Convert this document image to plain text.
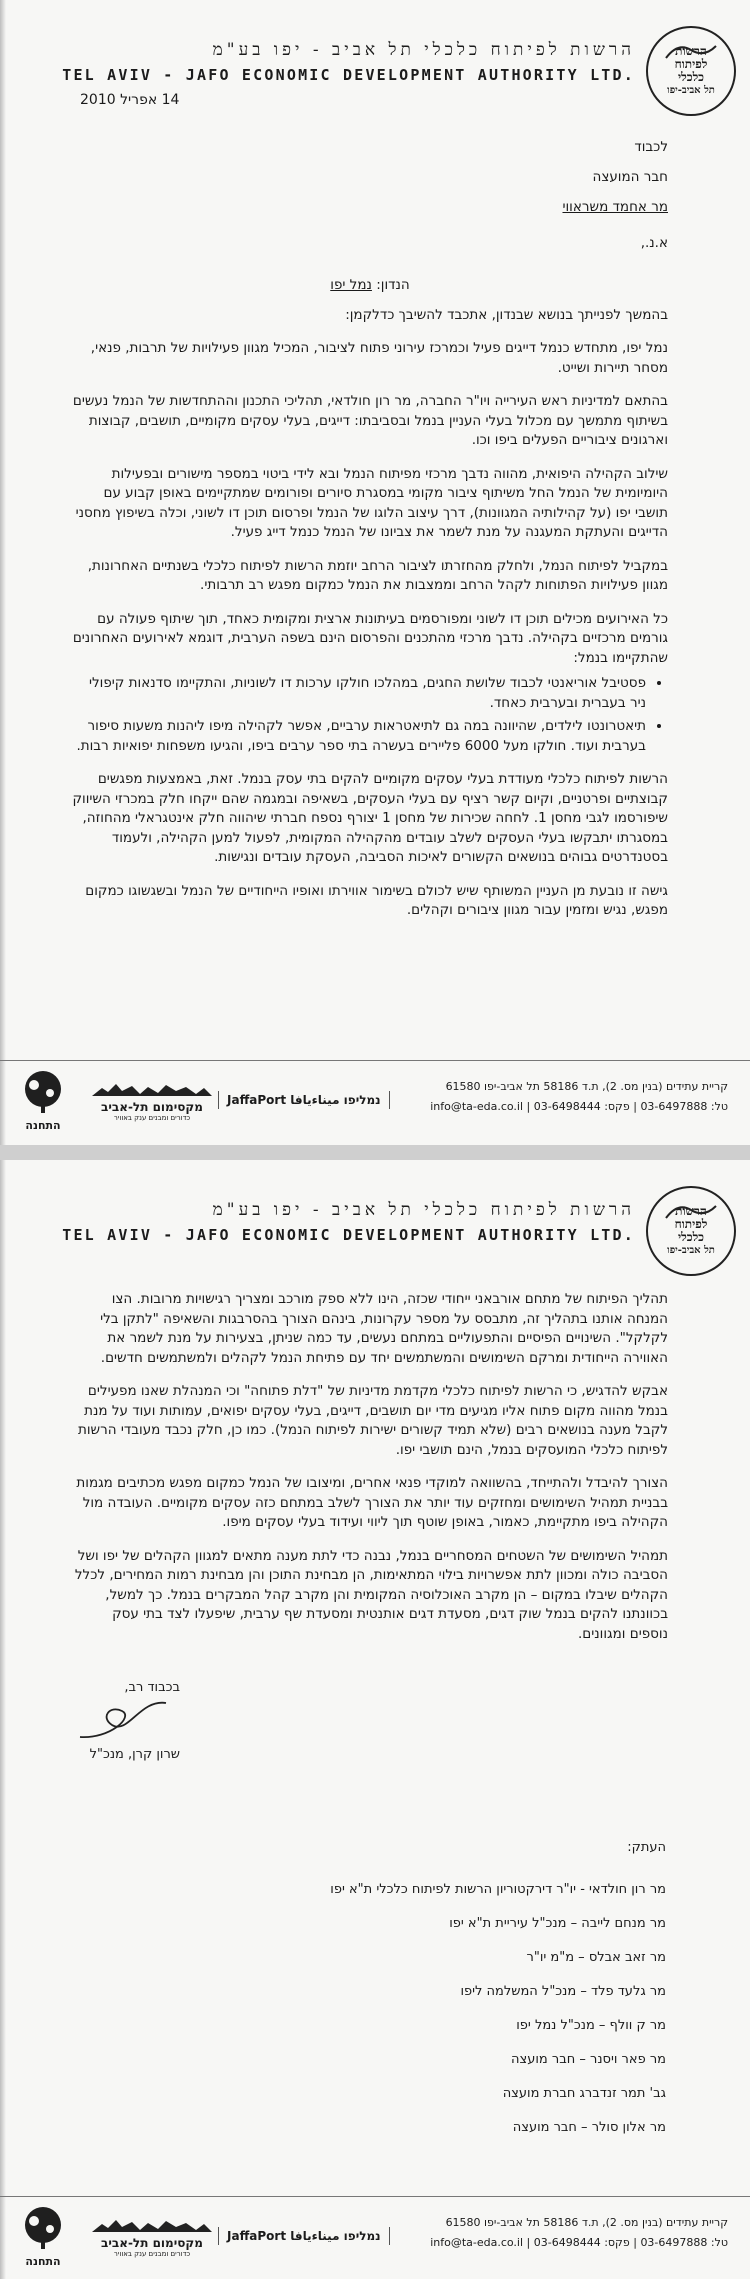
הרשות לפיתוח כלכלי תל אביב - יפו בע"מ
TEL AVIV - JAFO ECONOMIC DEVELOPMENT AUTHORITY LTD.
הרשות
לפיתוח
כלכלי
תל אביב-יפו
14 אפריל 2010
לכבוד
חבר המועצה
מר אחמד משראווי
א.נ.,
הנדון: נמל יפו

בהמשך לפנייתך בנושא שבנדון, אתכבד להשיבך כדלקמן:

נמל יפו, מתחדש כנמל דייגים פעיל וכמרכז עירוני פתוח לציבור, המכיל מגוון פעילויות של תרבות, פנאי, מסחר תיירות ושייט.

בהתאם למדיניות ראש העירייה ויו"ר החברה, מר רון חולדאי, תהליכי התכנון וההתחדשות של הנמל נעשים בשיתוף מתמשך עם מכלול בעלי העניין בנמל ובסביבתו: דייגים, בעלי עסקים מקומיים, תושבים, קבוצות וארגונים ציבוריים הפעלים ביפו וכו.

שילוב הקהילה היפואית, מהווה נדבך מרכזי מפיתוח הנמל ובא לידי ביטוי במספר מישורים ובפעילות היומיומית של הנמל החל משיתוף ציבור מקומי במסגרת סיורים ופורומים שמתקיימים באופן קבוע עם תושבי יפו (על קהילותיה המגוונות), דרך עיצוב הלוגו של הנמל ופרסום תוכן דו לשוני, וכלה בשיפוץ מחסני הדייגים והעתקת המעגנה על מנת לשמר את צביונו של הנמל כנמל דייג פעיל.

במקביל לפיתוח הנמל, ולחלק מהחזרתו לציבור הרחב יוזמת הרשות לפיתוח כלכלי בשנתיים האחרונות, מגוון פעילויות הפתוחות לקהל הרחב וממצבות את הנמל כמקום מפגש רב תרבותי.

כל האירועים מכילים תוכן דו לשוני ומפורסמים בעיתונות ארצית ומקומית כאחד, תוך שיתוף פעולה עם גורמים מרכזיים בקהילה. נדבך מרכזי מהתכנים והפרסום הינם בשפה הערבית, דוגמא לאירועים האחרונים שהתקיימו בנמל:

• פסטיבל אוריאנטי לכבוד שלושת החגים, במהלכו חולקו ערכות דו לשוניות, והתקיימו סדנאות קיפולי ניר בעברית ובערבית כאחד.
• תיאטרונטו לילדים, שהיוונה במה גם לתיאטראות ערביים, אפשר לקהילה מיפו ליהנות משעות סיפור בערבית ועוד. חולקו מעל 6000 פליירים בעשרה בתי ספר ערבים ביפו, והגיעו משפחות יפואיות רבות.

הרשות לפיתוח כלכלי מעודדת בעלי עסקים מקומיים להקים בתי עסק בנמל. זאת, באמצעות מפגשים קבוצתיים ופרטניים, וקיום קשר רציף עם בעלי העסקים, בשאיפה ובמגמה שהם ייקחו חלק במכרזי השיווק שיפורסמו לגבי מחסן 1. לחחה שכירות של מחסן 1 יצורף נספח חברתי שיהווה חלק אינטגראלי מהחוזה, במסגרתו יתבקשו בעלי העסקים לשלב עובדים מהקהילה המקומית, לפעול למען הקהילה, ולעמוד בסטנדרטים גבוהים בנושאים הקשורים לאיכות הסביבה, העסקת עובדים ונגישות.

גישה זו נובעת מן העניין המשותף שיש לכולם בשימור אווירתו ואופיו הייחודיים של הנמל ובשגשוגו כמקום מפגש, נגיש ומזמין עבור מגוון ציבורים וקהלים.

קריית עתידים (בנין מס. 2), ת.ד 58186 תל אביב-יפו 61580
טל: 03-6497888 | פקס: 03-6498444 | info@ta-eda.co.il
JaffaPort נמליפו ميناءيافا
מקסימום תל-אביב
כדורים ומבנים ענק באוויר
התחנה
הרשות לפיתוח כלכלי תל אביב - יפו בע"מ
TEL AVIV - JAFO ECONOMIC DEVELOPMENT AUTHORITY LTD.
הרשות
לפיתוח
כלכלי
תל אביב-יפו

תהליך הפיתוח של מתחם אורבאני ייחודי שכזה, הינו ללא ספק מורכב ומצריך רגישויות מרובות. הצו המנחה אותנו בתהליך זה, מתבסס על מספר עקרונות, בינהם הצורך בהסרבגות והשאיפה "לתקן בלי לקלקל". השינויים הפיסיים והתפעוליים במתחם נעשים, עד כמה שניתן, בצעירות על מנת לשמר את האווירה הייחודית ומרקם השימושים והמשתמשים יחד עם פתיחת הנמל לקהלים ולמשתמשים חדשים.

אבקש להדגיש, כי הרשות לפיתוח כלכלי מקדמת מדיניות של "דלת פתוחה" וכי המנהלת שאנו מפעילים בנמל מהווה מקום פתוח אליו מגיעים מדי יום תושבים, דייגים, בעלי עסקים יפואים, עמותות ועוד על מנת לקבל מענה בנושאים רבים (שלא תמיד קשורים ישירות לפיתוח הנמל). כמו כן, חלק נכבד מעובדי הרשות לפיתוח כלכלי המועסקים בנמל, הינם תושבי יפו.

הצורך להיבדל ולהתייחד, בהשוואה למוקדי פנאי אחרים, ומיצובו של הנמל כמקום מפגש מכתיבים מגמות בבניית תמהיל השימושים ומחזקים עוד יותר את הצורך לשלב במתחם כזה עסקים מקומיים. העובדה מול הקהילה ביפו מתקיימת, כאמור, באופן שוטף תוך ליווי ועידוד בעלי עסקים מיפו.

תמהיל השימושים של השטחים המסחריים בנמל, נבנה כדי לתת מענה מתאים למגוון הקהלים של יפו ושל הסביבה כולה ומכוון לתת אפשרויות בילוי המתאימות, הן מבחינת התוכן והן מבחינת רמות המחירים, לכלל הקהלים שיבלו במקום – הן מקרב האוכלוסיה המקומית והן מקרב קהל המבקרים בנמל. כך למשל, בכוונתנו להקים בנמל שוק דגים, מסעדת דגים אותנטית ומסעדת שף ערבית, שיפעלו לצד בתי עסק נוספים ומגוונים.

בכבוד רב,
שרון קרן, מנכ"ל
העתק:
מר רון חולדאי - יו"ר דירקטוריון הרשות לפיתוח כלכלי ת"א יפו
מר מנחם לייבה – מנכ"ל עיריית ת"א יפו
מר זאב אבלס – מ"מ יו"ר
מר גלעד פלד – מנכ"ל המשלמה ליפו
מר ק וולף – מנכ"ל נמל יפו
מר פאר ויסנר – חבר מועצה
גב' תמר זנדברג חברת מועצה
מר אלון סולר – חבר מועצה
קריית עתידים (בנין מס. 2), ת.ד 58186 תל אביב-יפו 61580
טל: 03-6497888 | פקס: 03-6498444 | info@ta-eda.co.il
JaffaPort נמליפו ميناءيافا
מקסימום תל-אביב
כדורים ומבנים ענק באוויר
התחנה
